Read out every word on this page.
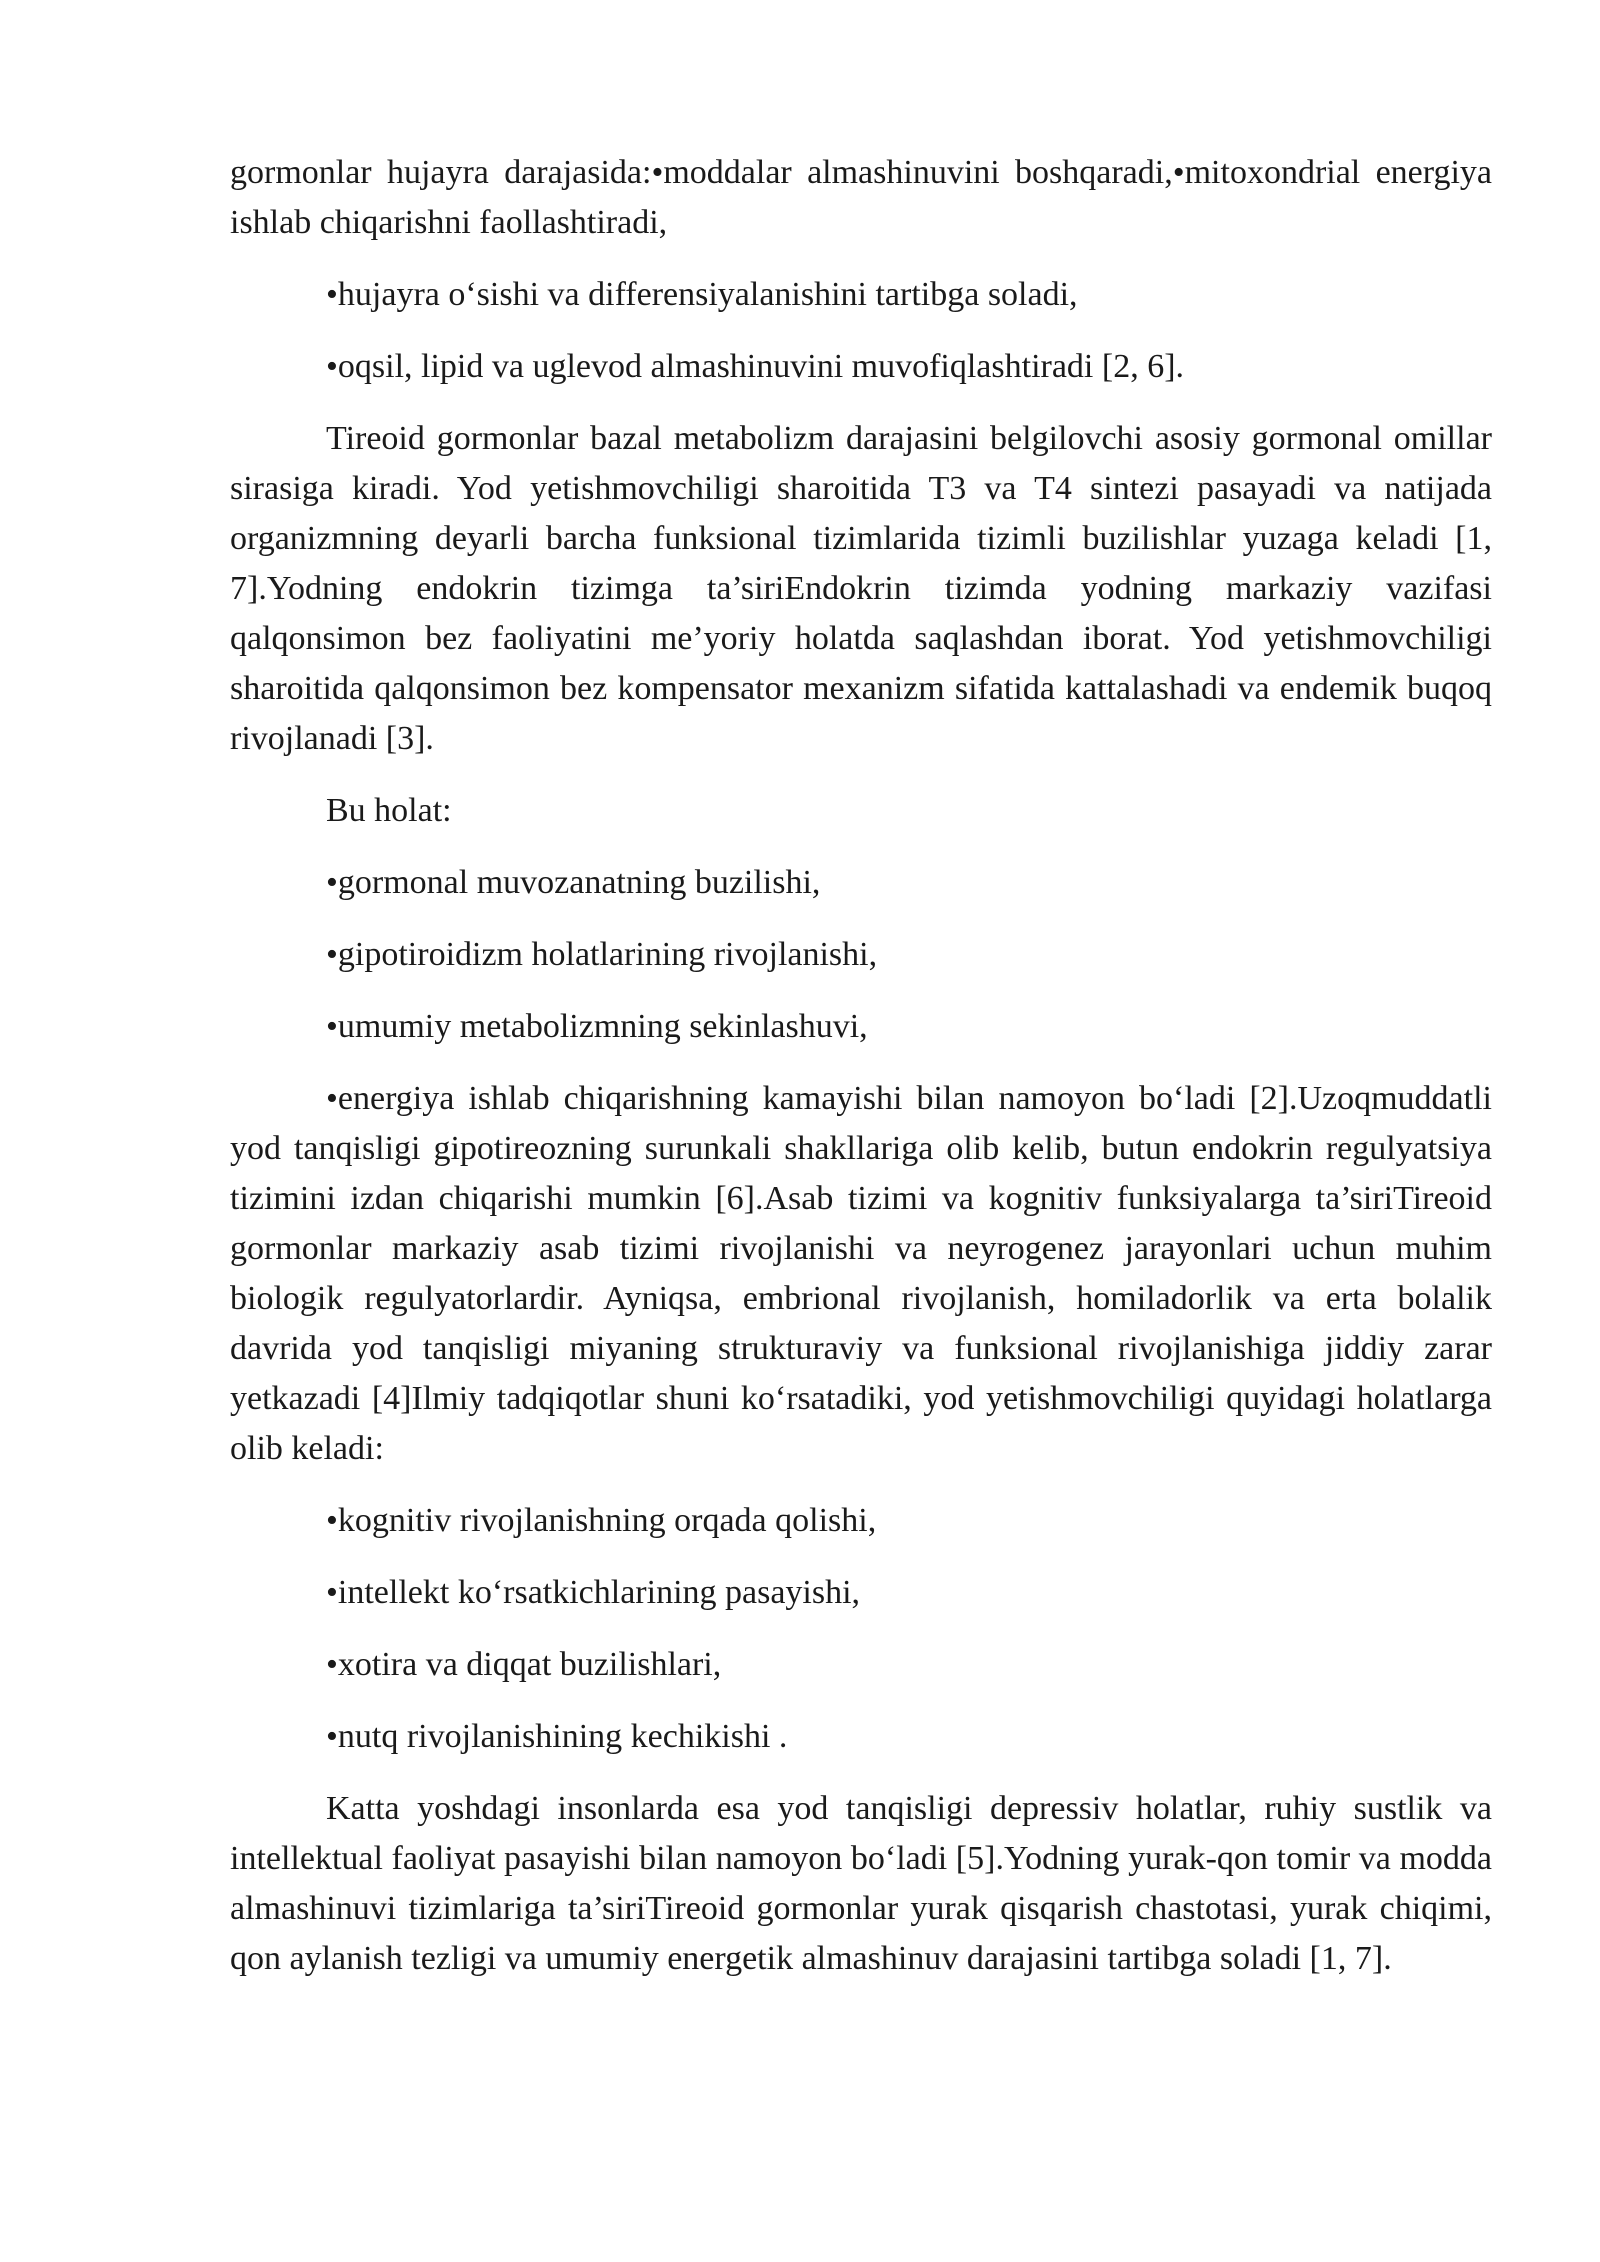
gormonlar hujayra darajasida:•moddalar almashinuvini boshqaradi,•mitoxondrial energiya ishlab chiqarishni faollashtiradi,

•hujayra o‘sishi va differensiyalanishini tartibga soladi,

•oqsil, lipid va uglevod almashinuvini muvofiqlashtiradi [2, 6].

Tireoid gormonlar bazal metabolizm darajasini belgilovchi asosiy gormonal omillar sirasiga kiradi. Yod yetishmovchiligi sharoitida T3 va T4 sintezi pasayadi va natijada organizmning deyarli barcha funksional tizimlarida tizimli buzilishlar yuzaga keladi [1, 7].Yodning endokrin tizimga ta’siriEndokrin tizimda yodning markaziy vazifasi qalqonsimon bez faoliyatini me’yoriy holatda saqlashdan iborat. Yod yetishmovchiligi sharoitida qalqonsimon bez kompensator mexanizm sifatida kattalashadi va endemik buqoq rivojlanadi [3].

Bu holat:

•gormonal muvozanatning buzilishi,

•gipotiroidizm holatlarining rivojlanishi,

•umumiy metabolizmning sekinlashuvi,

•energiya ishlab chiqarishning kamayishi bilan namoyon bo‘ladi [2].Uzoqmuddatli yod tanqisligi gipotireozning surunkali shakllariga olib kelib, butun endokrin regulyatsiya tizimini izdan chiqarishi mumkin [6].Asab tizimi va kognitiv funksiyalarga ta’siriTireoid gormonlar markaziy asab tizimi rivojlanishi va neyrogenez jarayonlari uchun muhim biologik regulyatorlardir. Ayniqsa, embrional rivojlanish, homiladorlik va erta bolalik davrida yod tanqisligi miyaning strukturaviy va funksional rivojlanishiga jiddiy zarar yetkazadi [4]Ilmiy tadqiqotlar shuni ko‘rsatadiki, yod yetishmovchiligi quyidagi holatlarga olib keladi:

•kognitiv rivojlanishning orqada qolishi,

•intellekt ko‘rsatkichlarining pasayishi,

•xotira va diqqat buzilishlari,

•nutq rivojlanishining kechikishi .

Katta yoshdagi insonlarda esa yod tanqisligi depressiv holatlar, ruhiy sustlik va intellektual faoliyat pasayishi bilan namoyon bo‘ladi [5].Yodning yurak-qon tomir va modda almashinuvi tizimlariga ta’siriTireoid gormonlar yurak qisqarish chastotasi, yurak chiqimi, qon aylanish tezligi va umumiy energetik almashinuv darajasini tartibga soladi [1, 7].
